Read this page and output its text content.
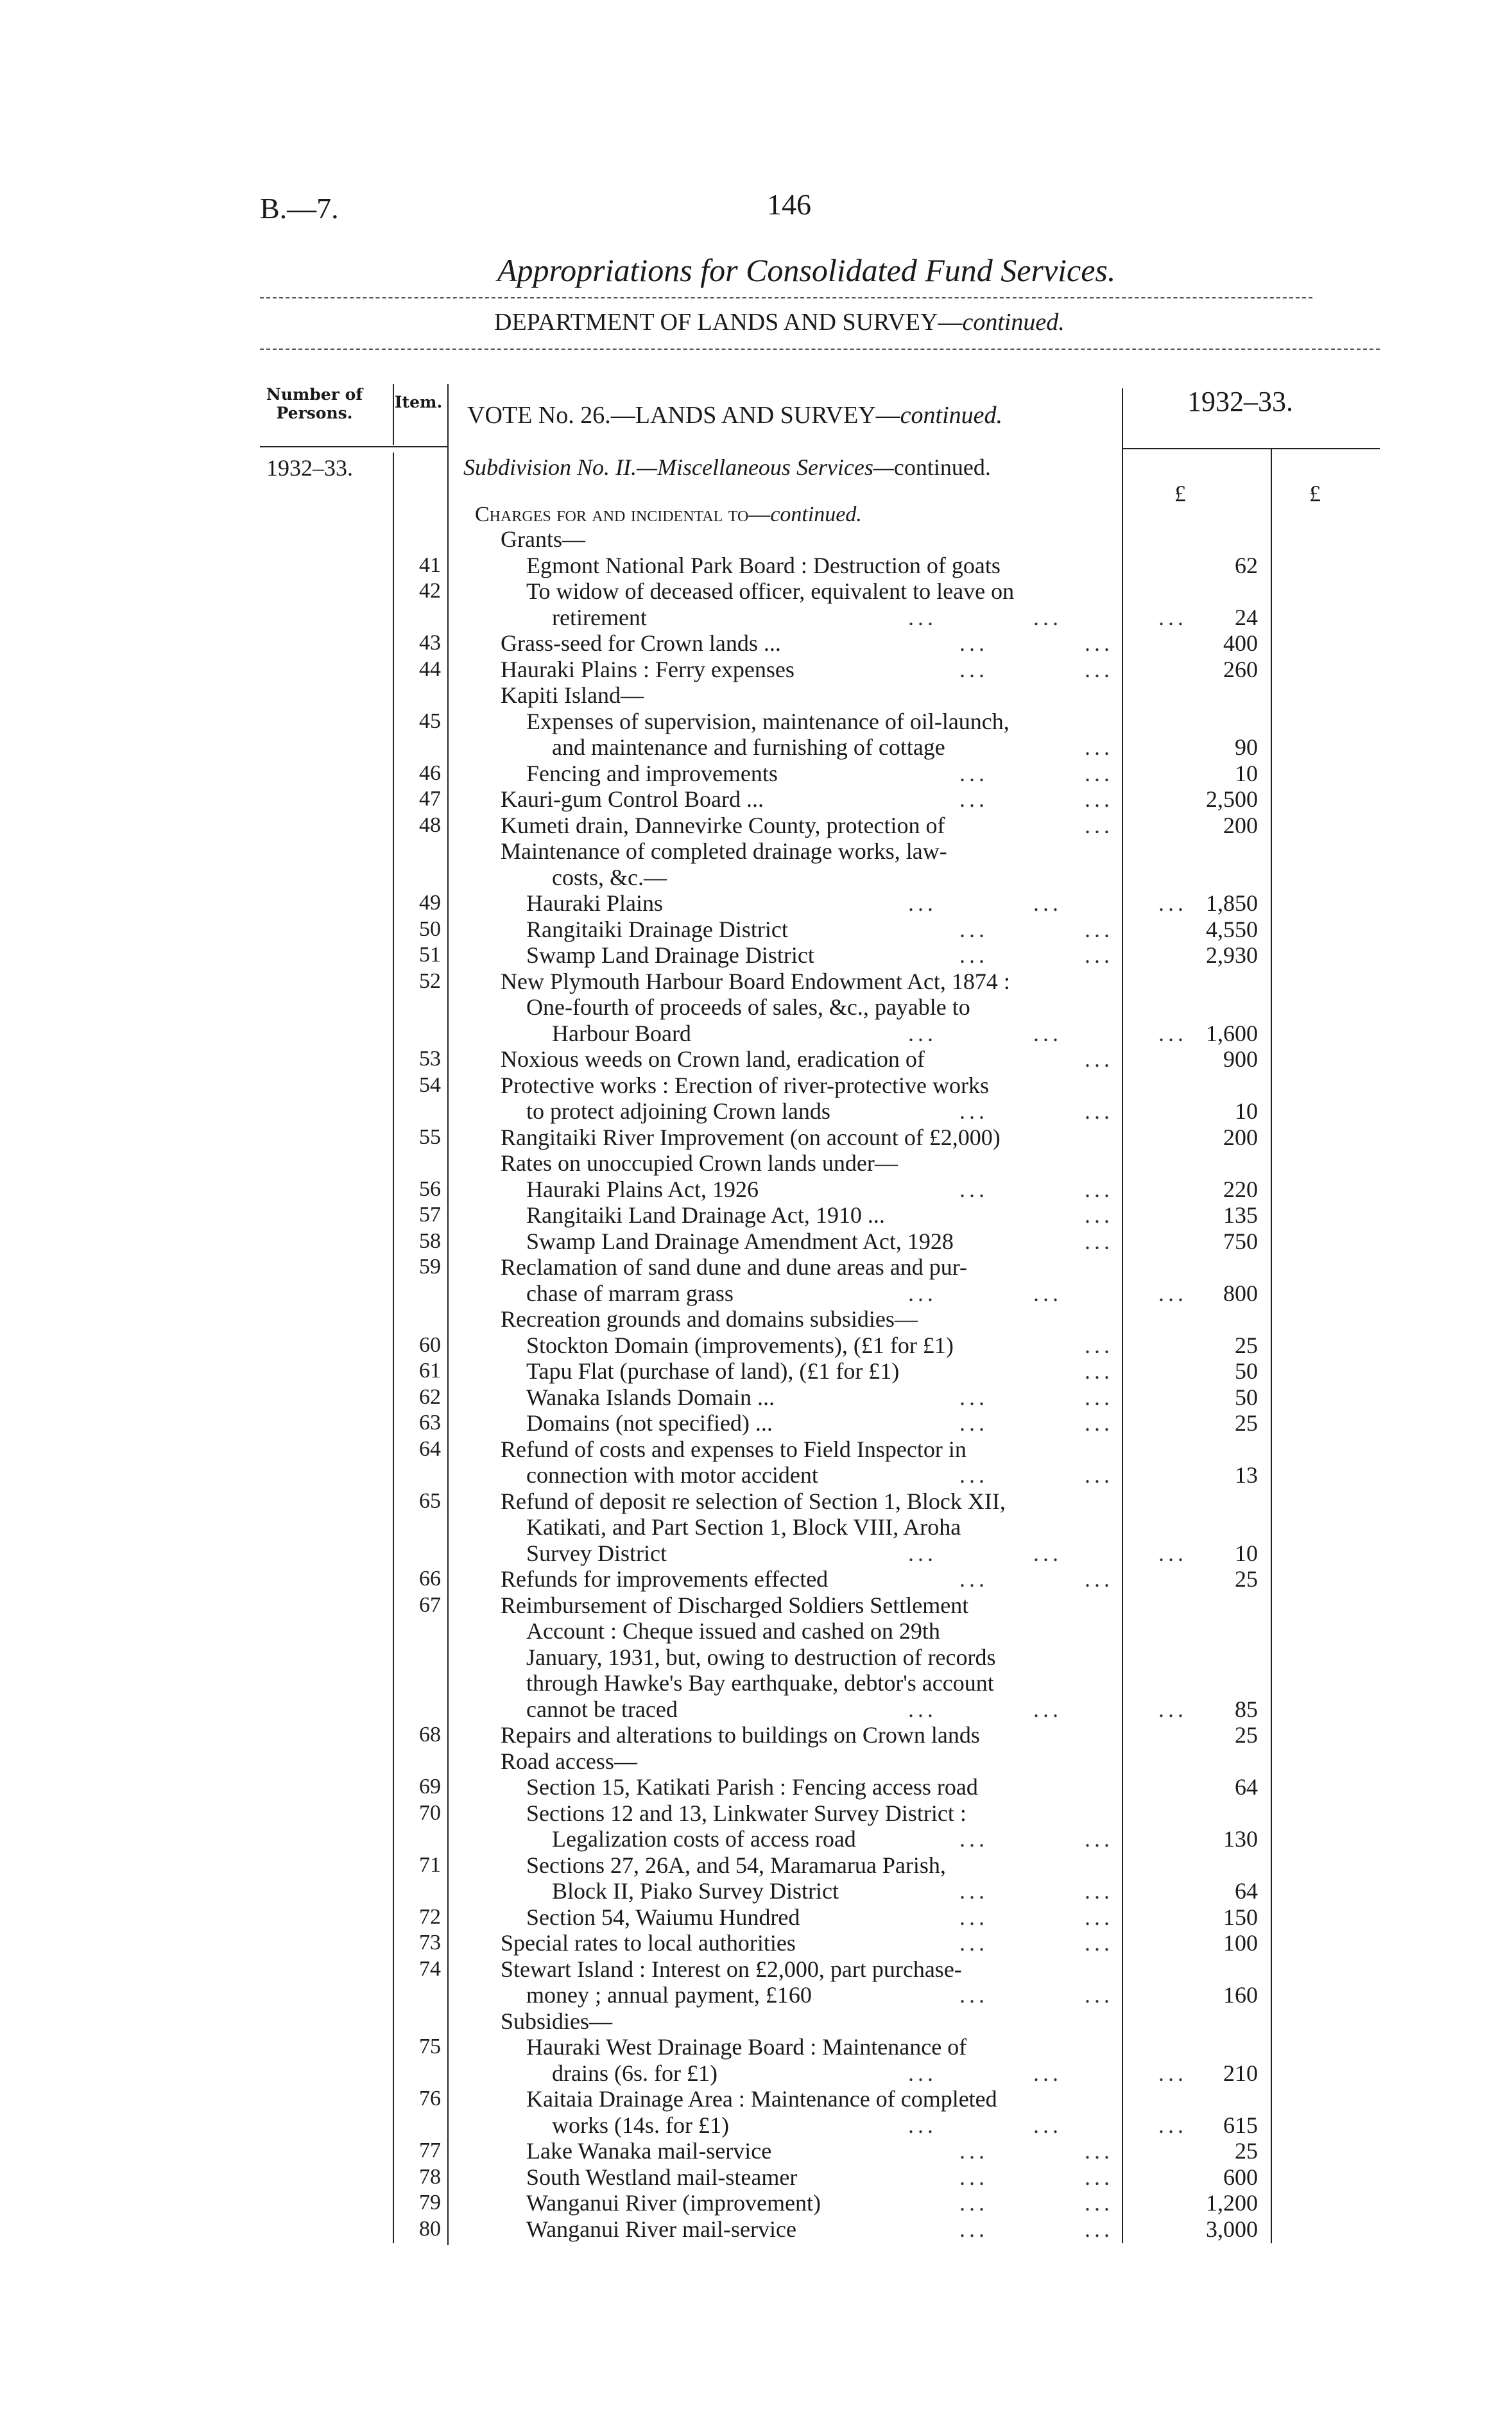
B.—7.	146
Appropriations for Consolidated Fund Services.
DEPARTMENT OF LANDS AND SURVEY—continued.
Number of Persons.
Item. VOTE No. 26.—LANDS AND SURVEY—continued.	1932–33.
1932–33.
£	£
Subdivision No. II.—Miscellaneous Services—continued.
Charges for and incidental to—continued.
Grants—
41	Egmont National Park Board : Destruction of goats	62
42	To widow of deceased officer, equivalent to leave on
retirement	...          ...          ...	24
43	Grass-seed for Crown lands ...	...          ...	400
44	Hauraki Plains : Ferry expenses	...          ...	260
Kapiti Island—
45	Expenses of supervision, maintenance of oil-launch,
and maintenance and furnishing of cottage	...	90
46	Fencing and improvements	...          ...	10
47	Kauri-gum Control Board ...	...          ...	2,500
48	Kumeti drain, Dannevirke County, protection of	...	200
Maintenance of completed drainage works, law-
costs, &c.—
49	Hauraki Plains	...          ...          ... 1,850
50	Rangitaiki Drainage District	...          ...	4,550
51	Swamp Land Drainage District	...          ...	2,930
52	New Plymouth Harbour Board Endowment Act, 1874 :
One-fourth of proceeds of sales, &c., payable to
Harbour Board	...          ...          ... 1,600
53	Noxious weeds on Crown land, eradication of	...	900
54	Protective works : Erection of river-protective works
to protect adjoining Crown lands	...          ...	10
55	Rangitaiki River Improvement (on account of £2,000)	200
Rates on unoccupied Crown lands under—
56	Hauraki Plains Act, 1926	...          ...	220
57	Rangitaiki Land Drainage Act, 1910 ...	...	135
58	Swamp Land Drainage Amendment Act, 1928	...	750
59	Reclamation of sand dune and dune areas and pur-
chase of marram grass	...          ...          ...	800
Recreation grounds and domains subsidies—
60	Stockton Domain (improvements), (£1 for £1)	...	25
61	Tapu Flat (purchase of land), (£1 for £1)	...	50
62	Wanaka Islands Domain ...	...          ...	50
63	Domains (not specified) ...	...          ...	25
64	Refund of costs and expenses to Field Inspector in
connection with motor accident	...          ...	13
65	Refund of deposit re selection of Section 1, Block XII,
Katikati, and Part Section 1, Block VIII, Aroha
Survey District	...          ...          ...	10
66	Refunds for improvements effected	...          ...	25
67	Reimbursement of Discharged Soldiers Settlement
Account : Cheque issued and cashed on 29th
January, 1931, but, owing to destruction of records
through Hawke's Bay earthquake, debtor's account
cannot be traced	...          ...          ...	85
68	Repairs and alterations to buildings on Crown lands	25
Road access—
69	Section 15, Katikati Parish : Fencing access road	64
70	Sections 12 and 13, Linkwater Survey District :
Legalization costs of access road	...          ...	130
71	Sections 27, 26A, and 54, Maramarua Parish,
Block II, Piako Survey District	...          ...	64
72	Section 54, Waiumu Hundred	...          ...	150
73	Special rates to local authorities	...          ...	100
74	Stewart Island : Interest on £2,000, part purchase-
money ; annual payment, £160	...          ...	160
Subsidies—
75	Hauraki West Drainage Board : Maintenance of
drains (6s. for £1)	...          ...          ...	210
76	Kaitaia Drainage Area : Maintenance of completed
works (14s. for £1)	...          ...          ...	615
77	Lake Wanaka mail-service	...          ...	25
78	South Westland mail-steamer	...          ...	600
79	Wanganui River (improvement)	...          ...	1,200
80	Wanganui River mail-service	...          ...	3,000
